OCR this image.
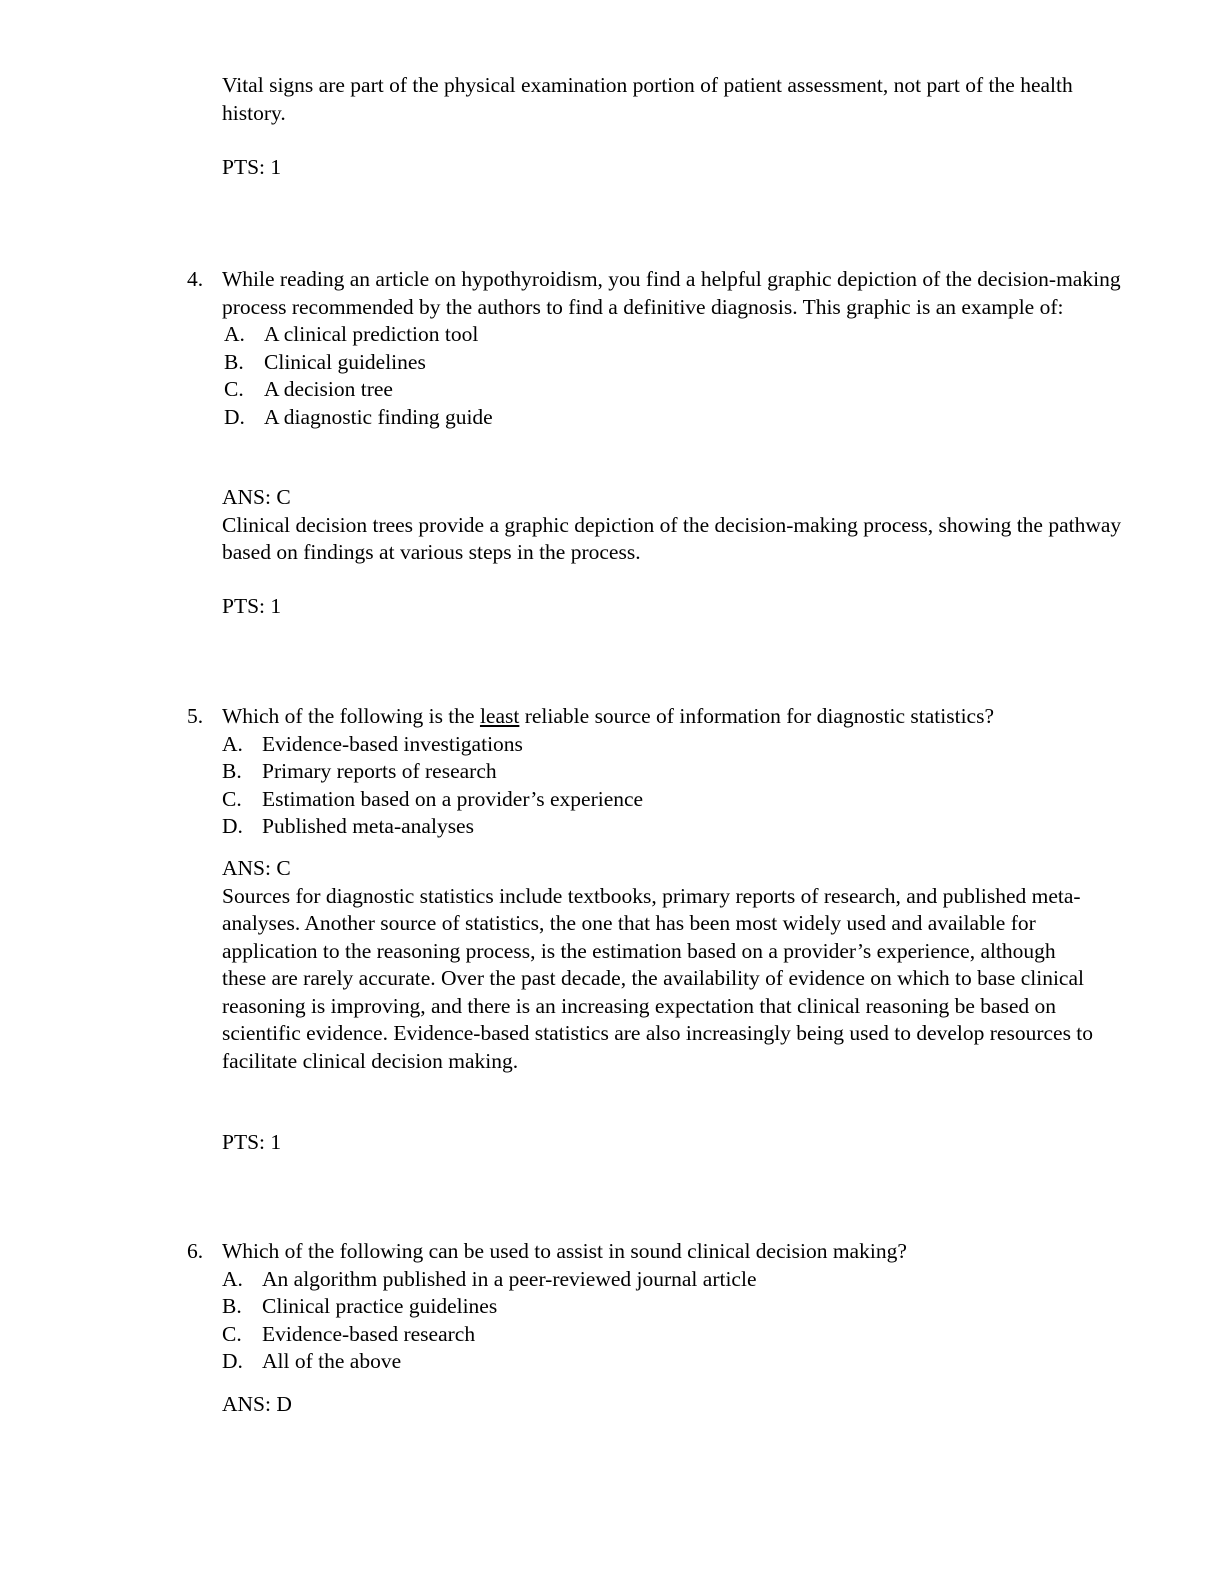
Vital signs are part of the physical examination portion of patient assessment, not part of the health history.

PTS: 1

4. While reading an article on hypothyroidism, you find a helpful graphic depiction of the decision-making process recommended by the authors to find a definitive diagnosis. This graphic is an example of:

A. A clinical prediction tool
B. Clinical guidelines
C. A decision tree
D. A diagnostic finding guide

ANS: C

Clinical decision trees provide a graphic depiction of the decision-making process, showing the pathway based on findings at various steps in the process.

PTS: 1

5. Which of the following is the least reliable source of information for diagnostic statistics?

A. Evidence-based investigations
B. Primary reports of research
C. Estimation based on a provider’s experience
D. Published meta-analyses

ANS: C

Sources for diagnostic statistics include textbooks, primary reports of research, and published meta-analyses. Another source of statistics, the one that has been most widely used and available for application to the reasoning process, is the estimation based on a provider’s experience, although these are rarely accurate. Over the past decade, the availability of evidence on which to base clinical reasoning is improving, and there is an increasing expectation that clinical reasoning be based on scientific evidence. Evidence-based statistics are also increasingly being used to develop resources to facilitate clinical decision making.

PTS: 1

6. Which of the following can be used to assist in sound clinical decision making?

A. An algorithm published in a peer-reviewed journal article
B. Clinical practice guidelines
C. Evidence-based research
D. All of the above

ANS: D
